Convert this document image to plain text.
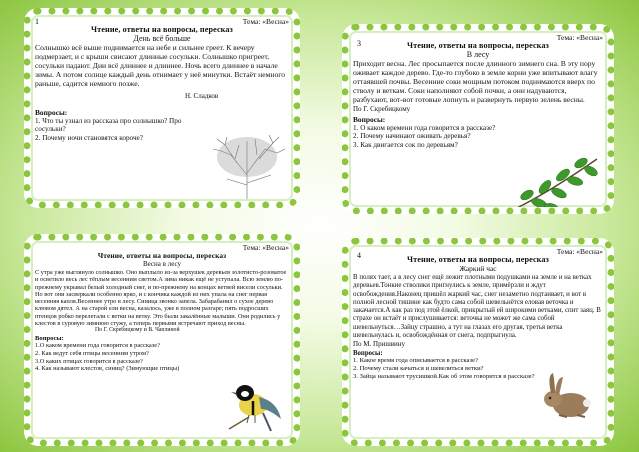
1	Тема: «Весна»
Чтение, ответы на вопросы, пересказ
День всё больше
Солнышко всё выше поднимается на небе и сильнее греет. К вечеру подмерзает, и с крыши свисают длинные сосульки. Солнышко пригреет, сосульки падают. Дни всё длиннее и длиннее. Ночь всего длиннее в начале зимы. А потом солнце каждый день отнимает у неё минутки. Встаёт немного раньше, садится немного позже.
Н. Сладков
Вопросы:
1. Что ты узнал из рассказа про солнышко? Про сосульки?
2. Почему ночи становятся короче?
3
Тема: «Весна»
Чтение, ответы на вопросы, пересказ
В лесу
Приходит весна. Лес просыпается после длинного зимнего сна. В эту пору оживает каждое дерево. Где-то глубоко в земле корни уже впитывают влагу оттаявшей почвы. Весенние соки мощным потоком поднимаются вверх по стволу и веткам. Соки наполняют собой почки, а они надуваются, разбухают, вот-вот готовые лопнуть и развернуть первую зелень весны.
По Г. Скребицкому
Вопросы:
1. О каком времени года говорится в рассказе?
2. Почему начинают оживать деревья?
3. Как двигается сок по деревьям?
Тема: «Весна»
Чтение, ответы на вопросы, пересказ
Весна в лесу
С утра уже выглянуло солнышко. Оно выплыло из-за верхушек деревьев золотисто-розоватое и осветило весь лес тёплым весенним светом.А зима никак ещё не уступала. Всю землю по-прежнему укрывал белый холодный снег, и по-прежнему на концах ветвей висели сосульки. Но вот они засверкали особенно ярко, и с кончика каждой из них упала на снег первая весенняя капля.Весеннее утро в лесу. Синица звонко запела. Забарабанил о сухое дерево клювом дятел. А на старой ели весна, казалось, уже в полном разгаре; пять подросших птенцов робко перелетали с ветки на ветку. Это были закалённые малыши. Они родились у клестов в суровую зимнюю стужу, а теперь первыми встречают приход весны.
По Г. Скребицкому и В. Чаплиной
Вопросы:
1.О каком времени года говорится в рассказе?
2. Как ведут себя птицы весенним утром?
3.О каких птицах говорится в рассказе?
4. Как называют клестов, синиц? (Зимующие птицы)
4	Тема: «Весна»
Чтение, ответы на вопросы, пересказ
Жаркий час
В полях тает, а в лесу снег ещё лежит плотными подушками на земле и на ветках деревьев.Тонкие стволики пригнулись к земле, примёрзли и ждут освобождения.Наконец пришёл жаркий час, снег незаметно подтаивает, и вот в полной лесной тишине как будто сама собой шевельнётся еловая веточка и закачается.А как раз под этой ёлкой, прикрытый ей широкими ветками, спит заяц. В страхе он встаёт и прислушивается: веточка не может же сама собой шевельнуться…Зайцу страшно, а тут на глазах его другая, третья ветка шевельнулась и, освобождённая от снега, подпрыгнула.
По М. Пришвину
Вопросы:
1. Какое время года описывается в рассказе?
2. Почему стали качаться и шевелиться ветки?
3. Зайца называют трусишкой.Как об этом говорится в рассказе?
